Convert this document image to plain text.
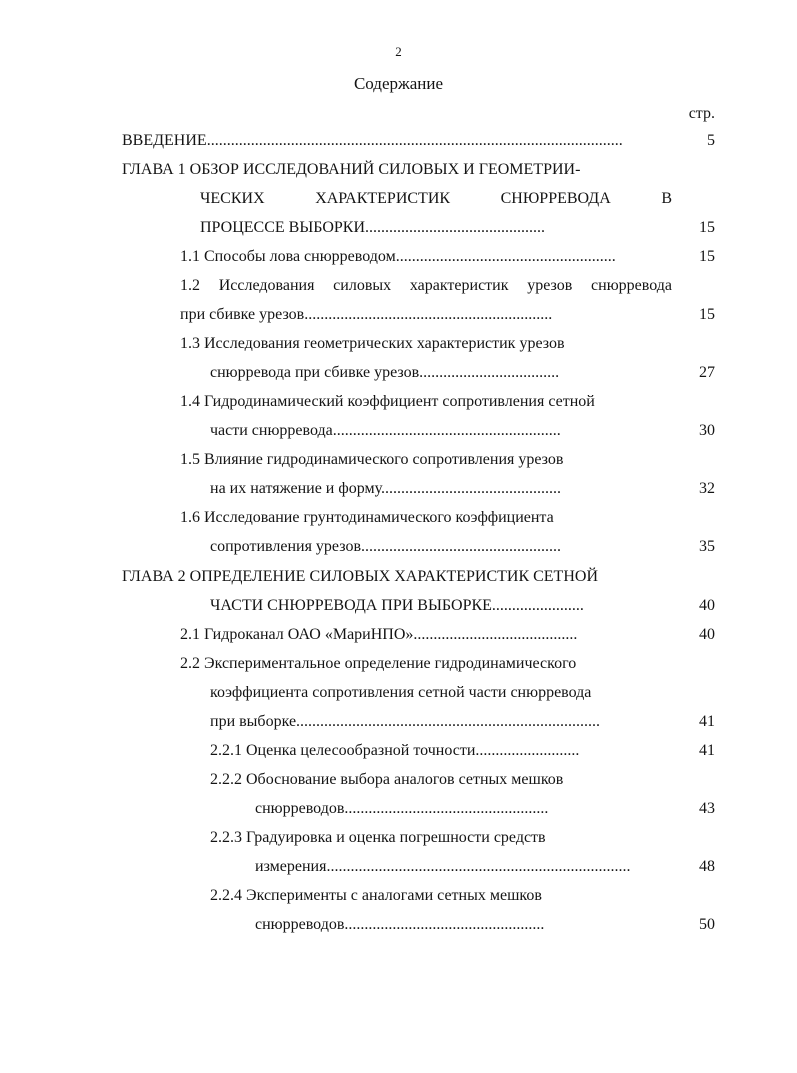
2
Содержание
стр.
ВВЕДЕНИЕ........................................................................................................	5
ГЛАВА 1 ОБЗОР ИССЛЕДОВАНИЙ СИЛОВЫХ И ГЕОМЕТРИИ-
ЧЕСКИХ ХАРАКТЕРИСТИК СНЮРРЕВОДА В
ПРОЦЕССЕ ВЫБОРКИ.............................................	15
1.1 Способы лова снюрреводом.......................................................	15
1.2 Исследования силовых характеристик урезов снюрревода
при сбивке урезов..............................................................	15
1.3 Исследования геометрических характеристик урезов
снюрревода при сбивке урезов...................................	27
1.4 Гидродинамический коэффициент сопротивления сетной
части снюрревода.........................................................	30
1.5 Влияние гидродинамического сопротивления урезов
на их натяжение и форму.............................................	32
1.6 Исследование грунтодинамического коэффициента
сопротивления урезов..................................................	35
ГЛАВА 2 ОПРЕДЕЛЕНИЕ СИЛОВЫХ ХАРАКТЕРИСТИК СЕТНОЙ
ЧАСТИ СНЮРРЕВОДА ПРИ ВЫБОРКЕ.......................	40
2.1 Гидроканал ОАО «МариНПО».........................................	40
2.2 Экспериментальное определение гидродинамического
коэффициента сопротивления сетной части снюрревода
при выборке............................................................................	41
2.2.1 Оценка целесообразной точности..........................	41
2.2.2 Обоснование выбора аналогов сетных мешков
снюрреводов...................................................	43
2.2.3 Градуировка и оценка погрешности средств
измерения............................................................................	48
2.2.4 Эксперименты с аналогами сетных мешков
снюрреводов..................................................	50
